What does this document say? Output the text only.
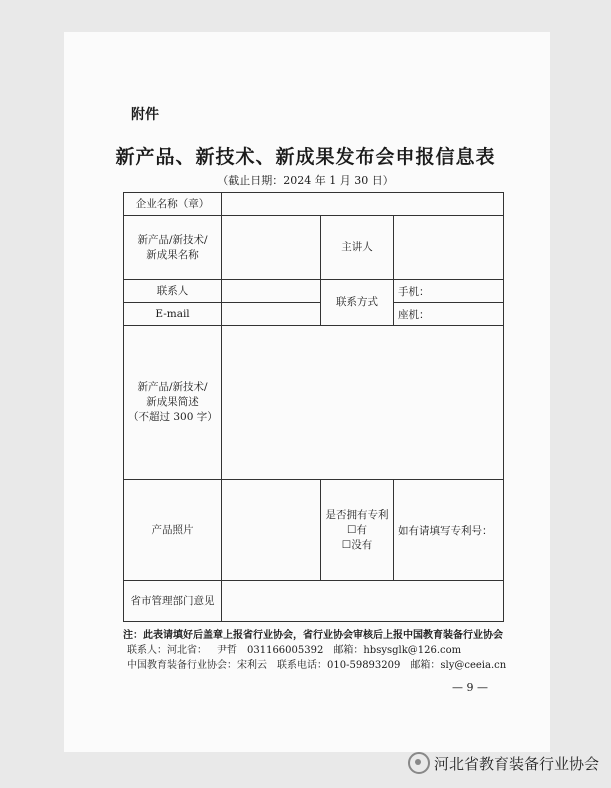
附件
新产品、新技术、新成果发布会申报信息表
（截止日期：2024 年 1 月 30 日）
企业名称（章）			

新产品/新技术/
新成果名称		主讲人	
联系人		联系方式	手机：
E-mail			座机：

新产品/新技术/
新成果简述
（不超过 300 字）			

产品照片		是否拥有专利
☐有
☐没有	如有请填写专利号：
省市管理部门意见			
注：此表请填好后盖章上报省行业协会，省行业协会审核后上报中国教育装备行业协会
联系人：河北省： 尹哲 031166005392 邮箱：hbsysglk@126.com
中国教育装备行业协会：宋利云 联系电话：010-59893209 邮箱：sly@ceeia.cn
— 9 —
河北省教育装备行业协会
